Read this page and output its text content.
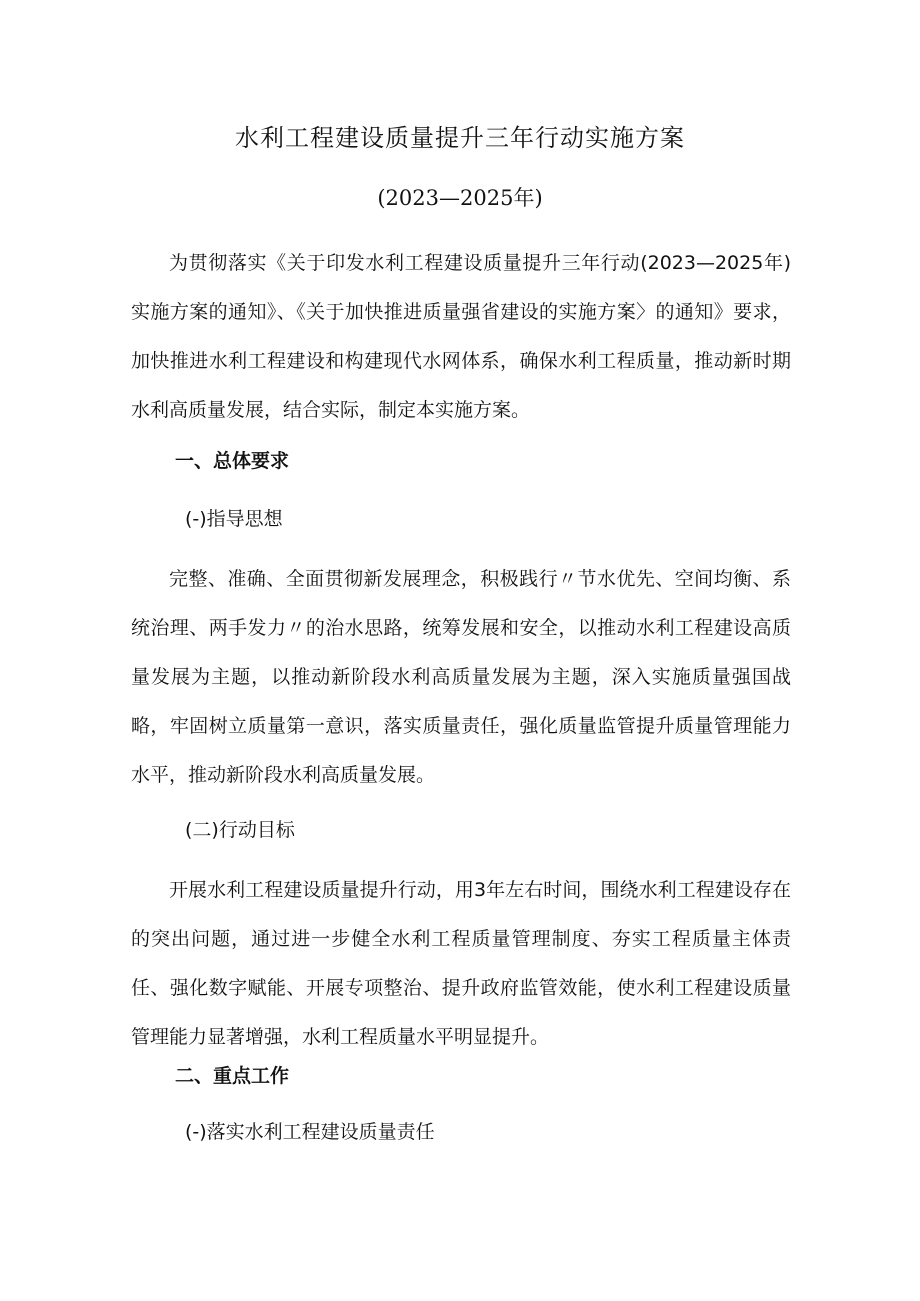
水利工程建设质量提升三年行动实施方案
(2023—2025年)

为贯彻落实《关于印发水利工程建设质量提升三年行动(2023—2025年)实施方案的通知》、《关于加快推进质量强省建设的实施方案〉的通知》要求，加快推进水利工程建设和构建现代水网体系，确保水利工程质量，推动新时期水利高质量发展，结合实际，制定本实施方案。

一、总体要求

(-)指导思想

完整、准确、全面贯彻新发展理念，积极践行〃节水优先、空间均衡、系统治理、两手发力〃的治水思路，统筹发展和安全，以推动水利工程建设高质量发展为主题，以推动新阶段水利高质量发展为主题，深入实施质量强国战略，牢固树立质量第一意识，落实质量责任，强化质量监管提升质量管理能力水平，推动新阶段水利高质量发展。

(二)行动目标

开展水利工程建设质量提升行动，用3年左右时间，围绕水利工程建设存在的突出问题，通过进一步健全水利工程质量管理制度、夯实工程质量主体责任、强化数字赋能、开展专项整治、提升政府监管效能，使水利工程建设质量管理能力显著增强，水利工程质量水平明显提升。

二、重点工作

(-)落实水利工程建设质量责任
